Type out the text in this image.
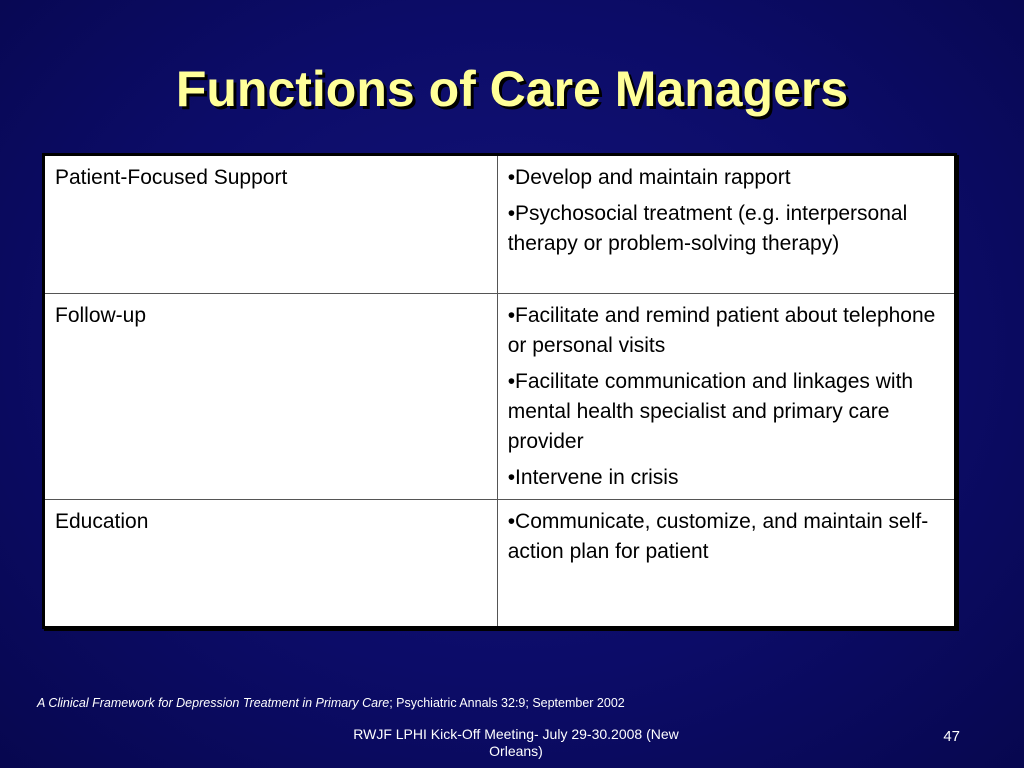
Functions of Care Managers
Patient-Focused Support	•Develop and maintain rapport
•Psychosocial treatment (e.g. interpersonal therapy or problem-solving therapy)

Follow-up	•Facilitate and remind patient about telephone or personal visits
•Facilitate communication and linkages with mental health specialist and primary care provider
•Intervene in crisis

Education	•Communicate, customize, and maintain self-action plan for patient
A Clinical Framework for Depression Treatment in Primary Care; Psychiatric Annals 32:9; September 2002
RWJF LPHI Kick-Off Meeting- July 29-30.2008 (New Orleans)
47
